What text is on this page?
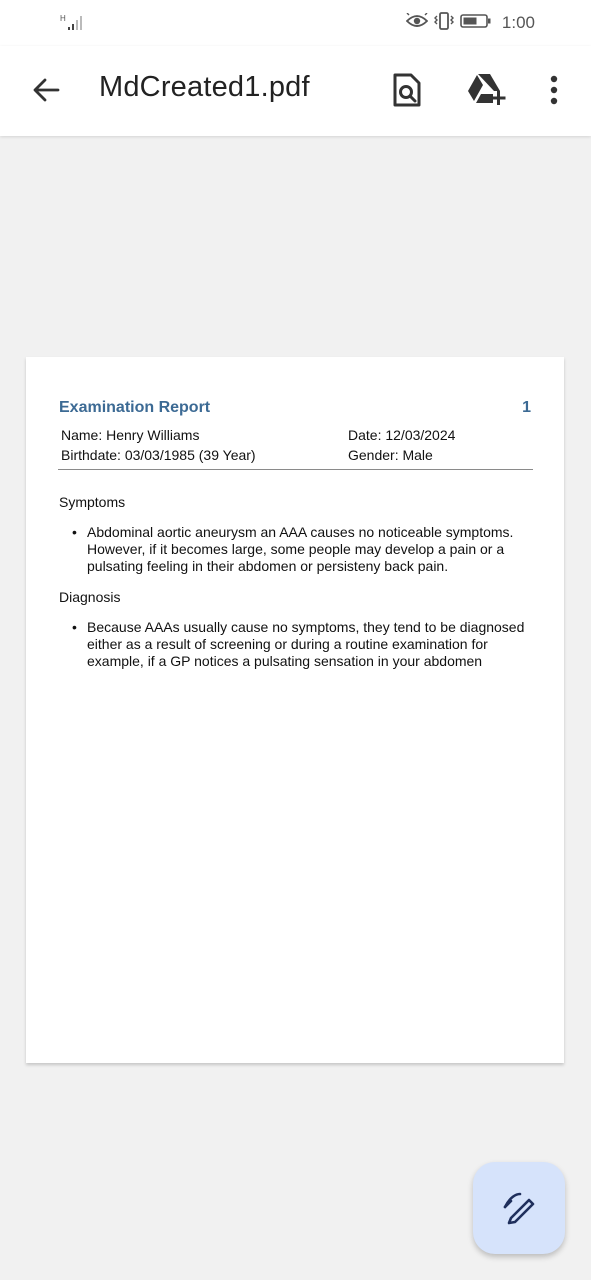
H	1:00
MdCreated1.pdf
Examination Report	1
Name: Henry Williams	Date: 12/03/2024
Birthdate: 03/03/1985 (39 Year)	Gender: Male
Symptoms
• Abdominal aortic aneurysm an AAA causes no noticeable symptoms. However, if it becomes large, some people may develop a pain or a pulsating feeling in their abdomen or persisteny back pain.
Diagnosis
• Because AAAs usually cause no symptoms, they tend to be diagnosed either as a result of screening or during a routine examination for example, if a GP notices a pulsating sensation in your abdomen
